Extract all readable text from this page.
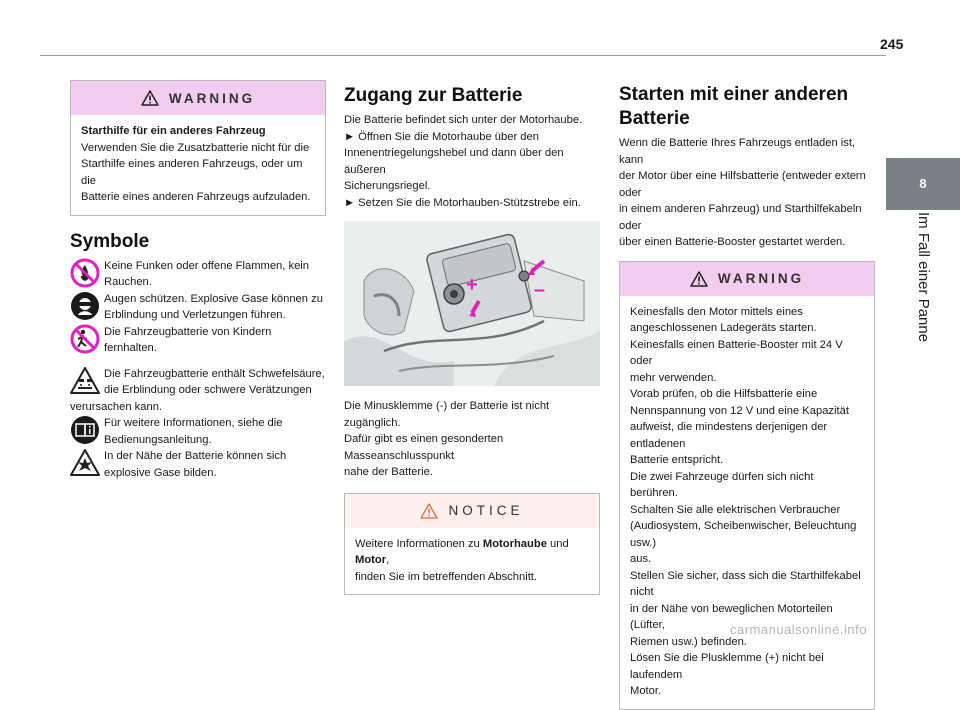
245
8
Im Fall einer Panne
WARNING
Starthilfe für ein anderes Fahrzeug
Verwenden Sie die Zusatzbatterie nicht für die
Starthilfe eines anderen Fahrzeugs, oder um die
Batterie eines anderen Fahrzeugs aufzuladen.
Symbole
Keine Funken oder offene Flammen, kein Rauchen.
Augen schützen. Explosive Gase können zu Erblindung und Verletzungen führen.
Die Fahrzeugbatterie von Kindern fernhalten.
Die Fahrzeugbatterie enthält Schwefelsäure, die Erblindung oder schwere Verätzungen
verursachen kann.
Für weitere Informationen, siehe die Bedienungsanleitung.
In der Nähe der Batterie können sich explosive Gase bilden.
Zugang zur Batterie

Die Batterie befindet sich unter der Motorhaube.

► Öffnen Sie die Motorhaube über den

Innenentriegelungshebel und dann über den äußeren

Sicherungsriegel.

► Setzen Sie die Motorhauben-Stützstrebe ein.

+	–

Die Minusklemme (-) der Batterie ist nicht zugänglich.

Dafür gibt es einen gesonderten Masseanschlusspunkt

nahe der Batterie.

NOTICE
Weitere Informationen zu Motorhaube und Motor,
finden Sie im betreffenden Abschnitt.
Starten mit einer anderen
Batterie

Wenn die Batterie Ihres Fahrzeugs entladen ist, kann

der Motor über eine Hilfsbatterie (entweder extern oder

in einem anderen Fahrzeug) und Starthilfekabeln oder

über einen Batterie-Booster gestartet werden.

WARNING
Keinesfalls den Motor mittels eines
angeschlossenen Ladegeräts starten.
Keinesfalls einen Batterie-Booster mit 24 V oder
mehr verwenden.
Vorab prüfen, ob die Hilfsbatterie eine
Nennspannung von 12 V und eine Kapazität
aufweist, die mindestens derjenigen der entladenen
Batterie entspricht.
Die zwei Fahrzeuge dürfen sich nicht berühren.
Schalten Sie alle elektrischen Verbraucher
(Audiosystem, Scheibenwischer, Beleuchtung usw.)
aus.
Stellen Sie sicher, dass sich die Starthilfekabel nicht
in der Nähe von beweglichen Motorteilen (Lüfter,
Riemen usw.) befinden.
Lösen Sie die Plusklemme (+) nicht bei laufendem
Motor.
carmanualsonline.info
